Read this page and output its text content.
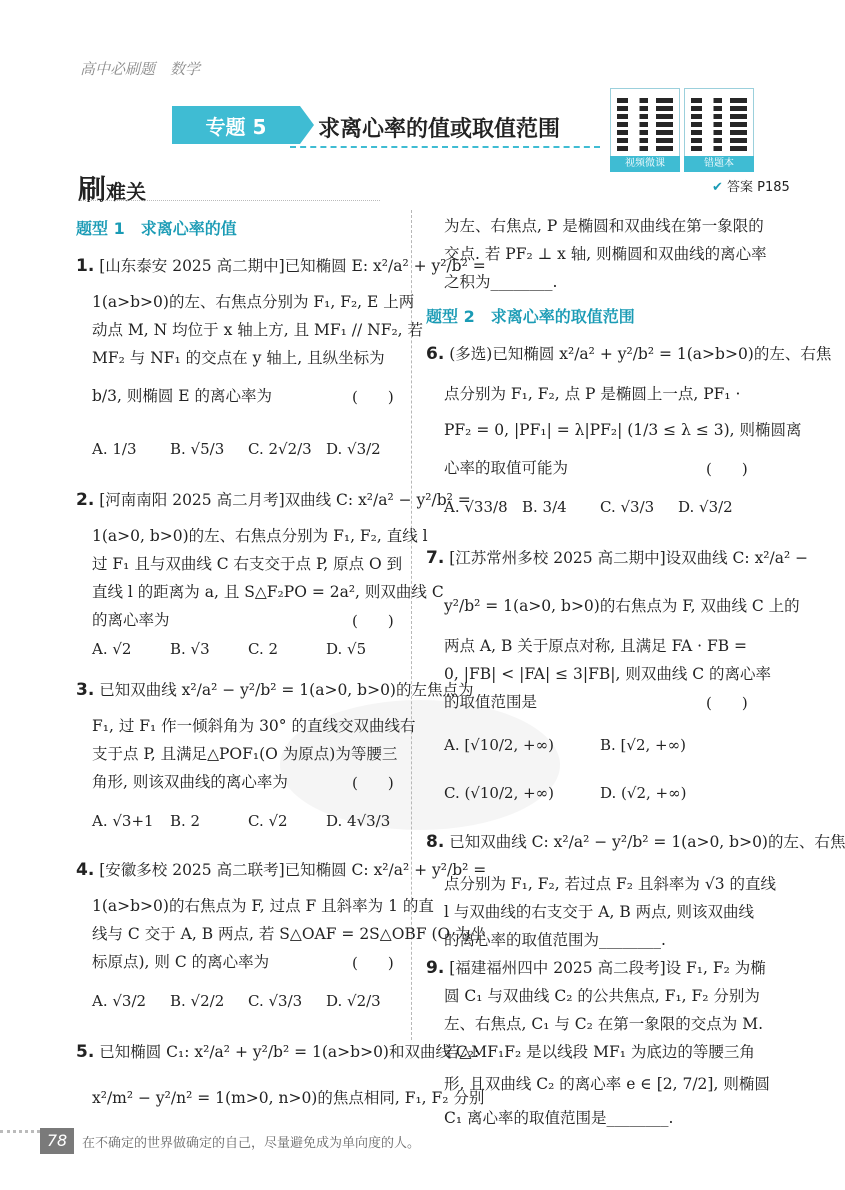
高中必刷题　数学
专题 5	求离心率的值或取值范围
视频微课	错题本
刷难关	✔ 答案 P185
题型 1　求离心率的值
1. [山东泰安 2025 高二期中]已知椭圆 E: x²/a² + y²/b² =
1(a>b>0)的左、右焦点分别为 F₁, F₂, E 上两
动点 M, N 均位于 x 轴上方, 且 MF₁ // NF₂, 若
MF₂ 与 NF₁ 的交点在 y 轴上, 且纵坐标为
b/3, 则椭圆 E 的离心率为	(　　)
A. 1/3 B. √5/3 C. 2√2/3 D. √3/2
2. [河南南阳 2025 高二月考]双曲线 C: x²/a² − y²/b² =
1(a>0, b>0)的左、右焦点分别为 F₁, F₂, 直线 l
过 F₁ 且与双曲线 C 右支交于点 P, 原点 O 到
直线 l 的距离为 a, 且 S△F₂PO = 2a², 则双曲线 C
的离心率为	(　　)
A. √2	B. √3	C. 2	D. √5
3. 已知双曲线 x²/a² − y²/b² = 1(a>0, b>0)的左焦点为
F₁, 过 F₁ 作一倾斜角为 30° 的直线交双曲线右
支于点 P, 且满足△POF₁(O 为原点)为等腰三
角形, 则该双曲线的离心率为	(　　)
A. √3+1 B. 2	C. √2	D. 4√3/3
4. [安徽多校 2025 高二联考]已知椭圆 C: x²/a² + y²/b² =
1(a>b>0)的右焦点为 F, 过点 F 且斜率为 1 的直
线与 C 交于 A, B 两点, 若 S△OAF = 2S△OBF (O 为坐
标原点), 则 C 的离心率为	(　　)
A. √3/2 B. √2/2 C. √3/3 D. √2/3
5. 已知椭圆 C₁: x²/a² + y²/b² = 1(a>b>0)和双曲线 C₂:
x²/m² − y²/n² = 1(m>0, n>0)的焦点相同, F₁, F₂ 分别
为左、右焦点, P 是椭圆和双曲线在第一象限的
交点. 若 PF₂ ⊥ x 轴, 则椭圆和双曲线的离心率
之积为________.
题型 2　求离心率的取值范围
6. (多选)已知椭圆 x²/a² + y²/b² = 1(a>b>0)的左、右焦
点分别为 F₁, F₂, 点 P 是椭圆上一点, PF₁ ·
PF₂ = 0, |PF₁| = λ|PF₂| (1/3 ≤ λ ≤ 3), 则椭圆离
心率的取值可能为	(　　)
A. √33/8 B. 3/4 C. √3/3 D. √3/2
7. [江苏常州多校 2025 高二期中]设双曲线 C: x²/a² −
y²/b² = 1(a>0, b>0)的右焦点为 F, 双曲线 C 上的
两点 A, B 关于原点对称, 且满足 FA · FB =
0, |FB| < |FA| ≤ 3|FB|, 则双曲线 C 的离心率
的取值范围是	(　　)
A. [√10/2, +∞)	B. [√2, +∞)
C. (√10/2, +∞)	D. (√2, +∞)
8. 已知双曲线 C: x²/a² − y²/b² = 1(a>0, b>0)的左、右焦
点分别为 F₁, F₂, 若过点 F₂ 且斜率为 √3 的直线
l 与双曲线的右支交于 A, B 两点, 则该双曲线
的离心率的取值范围为________.
9. [福建福州四中 2025 高二段考]设 F₁, F₂ 为椭
圆 C₁ 与双曲线 C₂ 的公共焦点, F₁, F₂ 分别为
左、右焦点, C₁ 与 C₂ 在第一象限的交点为 M.
若△MF₁F₂ 是以线段 MF₁ 为底边的等腰三角
形, 且双曲线 C₂ 的离心率 e ∈ [2, 7/2], 则椭圆
C₁ 离心率的取值范围是________.
78	在不确定的世界做确定的自己，尽量避免成为单向度的人。
